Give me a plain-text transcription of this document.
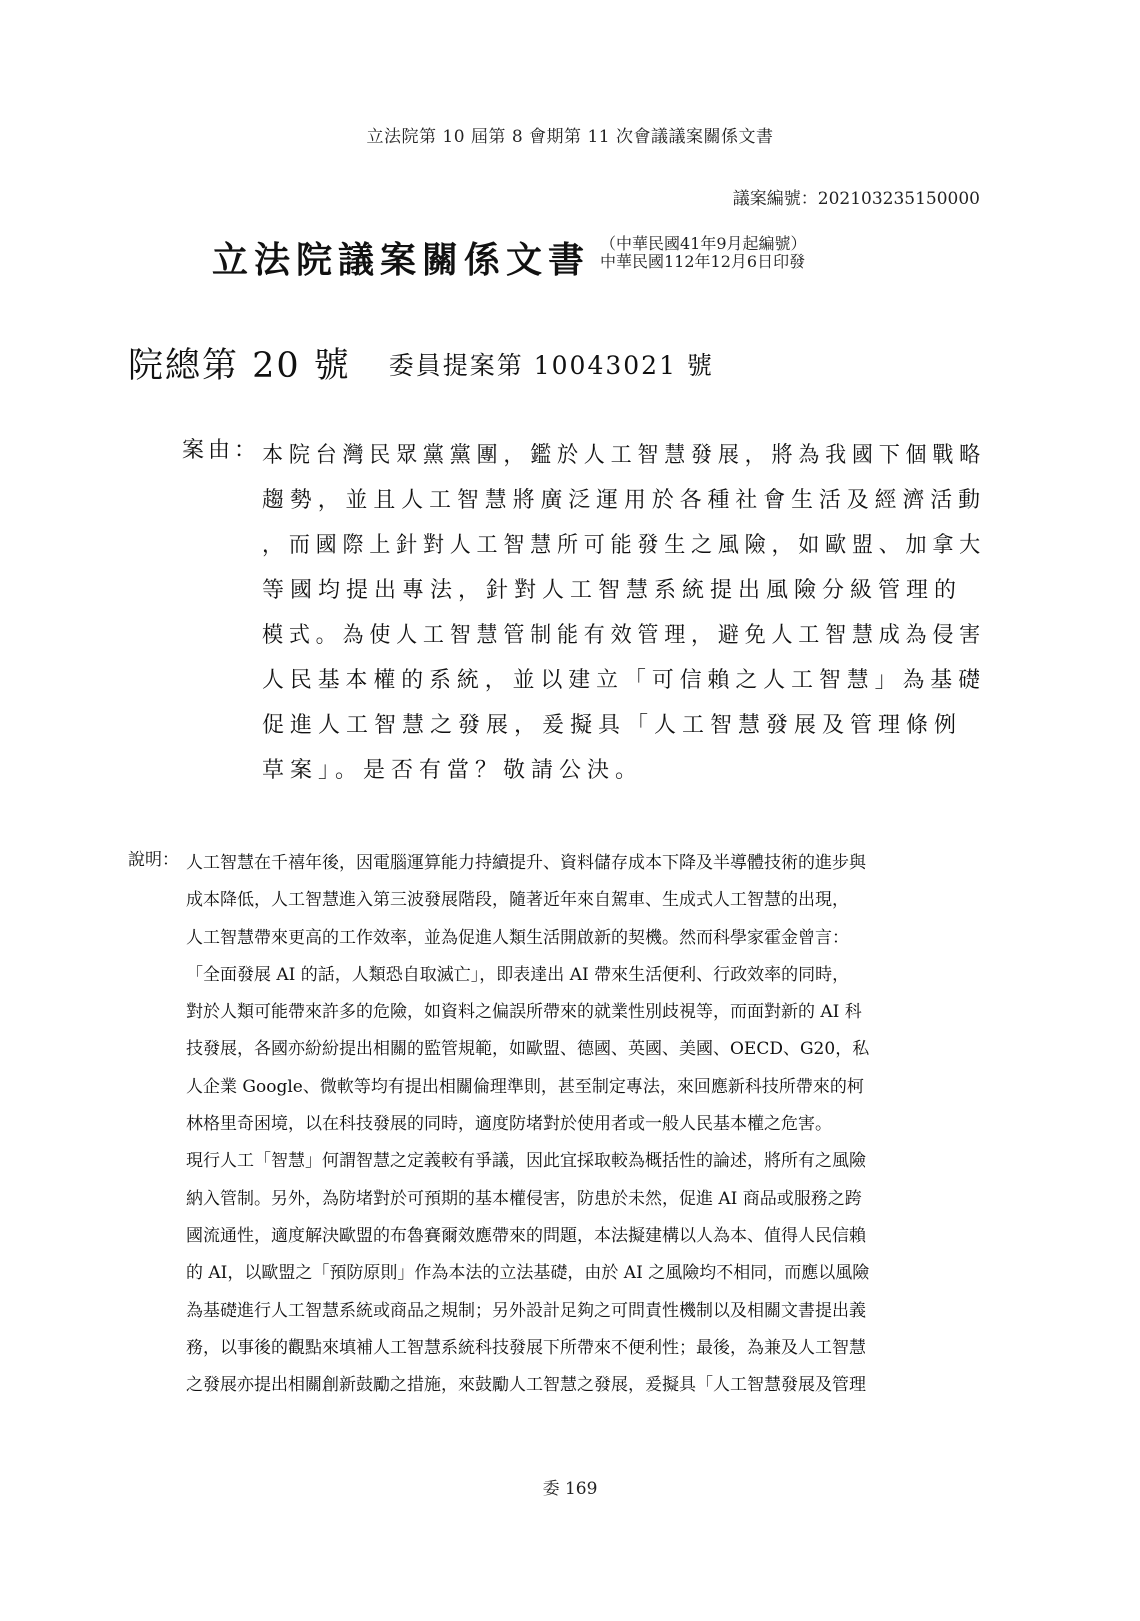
立法院第 10 屆第 8 會期第 11 次會議議案關係文書
議案編號：202103235150000
立法院議案關係文書 （中華民國41年9月起編號）
中華民國112年12月6日印發
院總第 20 號 委員提案第 10043021 號
案由： 本院台灣民眾黨黨團，鑑於人工智慧發展，將為我國下個戰略
趨勢，並且人工智慧將廣泛運用於各種社會生活及經濟活動
，而國際上針對人工智慧所可能發生之風險，如歐盟、加拿大
等國均提出專法，針對人工智慧系統提出風險分級管理的
模式。為使人工智慧管制能有效管理，避免人工智慧成為侵害
人民基本權的系統，並以建立「可信賴之人工智慧」為基礎
促進人工智慧之發展，爰擬具「人工智慧發展及管理條例
草案」。是否有當？敬請公決。
說明： 人工智慧在千禧年後，因電腦運算能力持續提升、資料儲存成本下降及半導體技術的進步與
成本降低，人工智慧進入第三波發展階段，隨著近年來自駕車、生成式人工智慧的出現，
人工智慧帶來更高的工作效率，並為促進人類生活開啟新的契機。然而科學家霍金曾言：
「全面發展 AI 的話，人類恐自取滅亡」，即表達出 AI 帶來生活便利、行政效率的同時，
對於人類可能帶來許多的危險，如資料之偏誤所帶來的就業性別歧視等，而面對新的 AI 科
技發展，各國亦紛紛提出相關的監管規範，如歐盟、德國、英國、美國、OECD、G20，私
人企業 Google、微軟等均有提出相關倫理準則，甚至制定專法，來回應新科技所帶來的柯
林格里奇困境，以在科技發展的同時，適度防堵對於使用者或一般人民基本權之危害。
現行人工「智慧」何謂智慧之定義較有爭議，因此宜採取較為概括性的論述，將所有之風險
納入管制。另外，為防堵對於可預期的基本權侵害，防患於未然，促進 AI 商品或服務之跨
國流通性，適度解決歐盟的布魯賽爾效應帶來的問題，本法擬建構以人為本、值得人民信賴
的 AI，以歐盟之「預防原則」作為本法的立法基礎，由於 AI 之風險均不相同，而應以風險
為基礎進行人工智慧系統或商品之規制；另外設計足夠之可問責性機制以及相關文書提出義
務，以事後的觀點來填補人工智慧系統科技發展下所帶來不便利性；最後，為兼及人工智慧
之發展亦提出相關創新鼓勵之措施，來鼓勵人工智慧之發展，爰擬具「人工智慧發展及管理
委 169
